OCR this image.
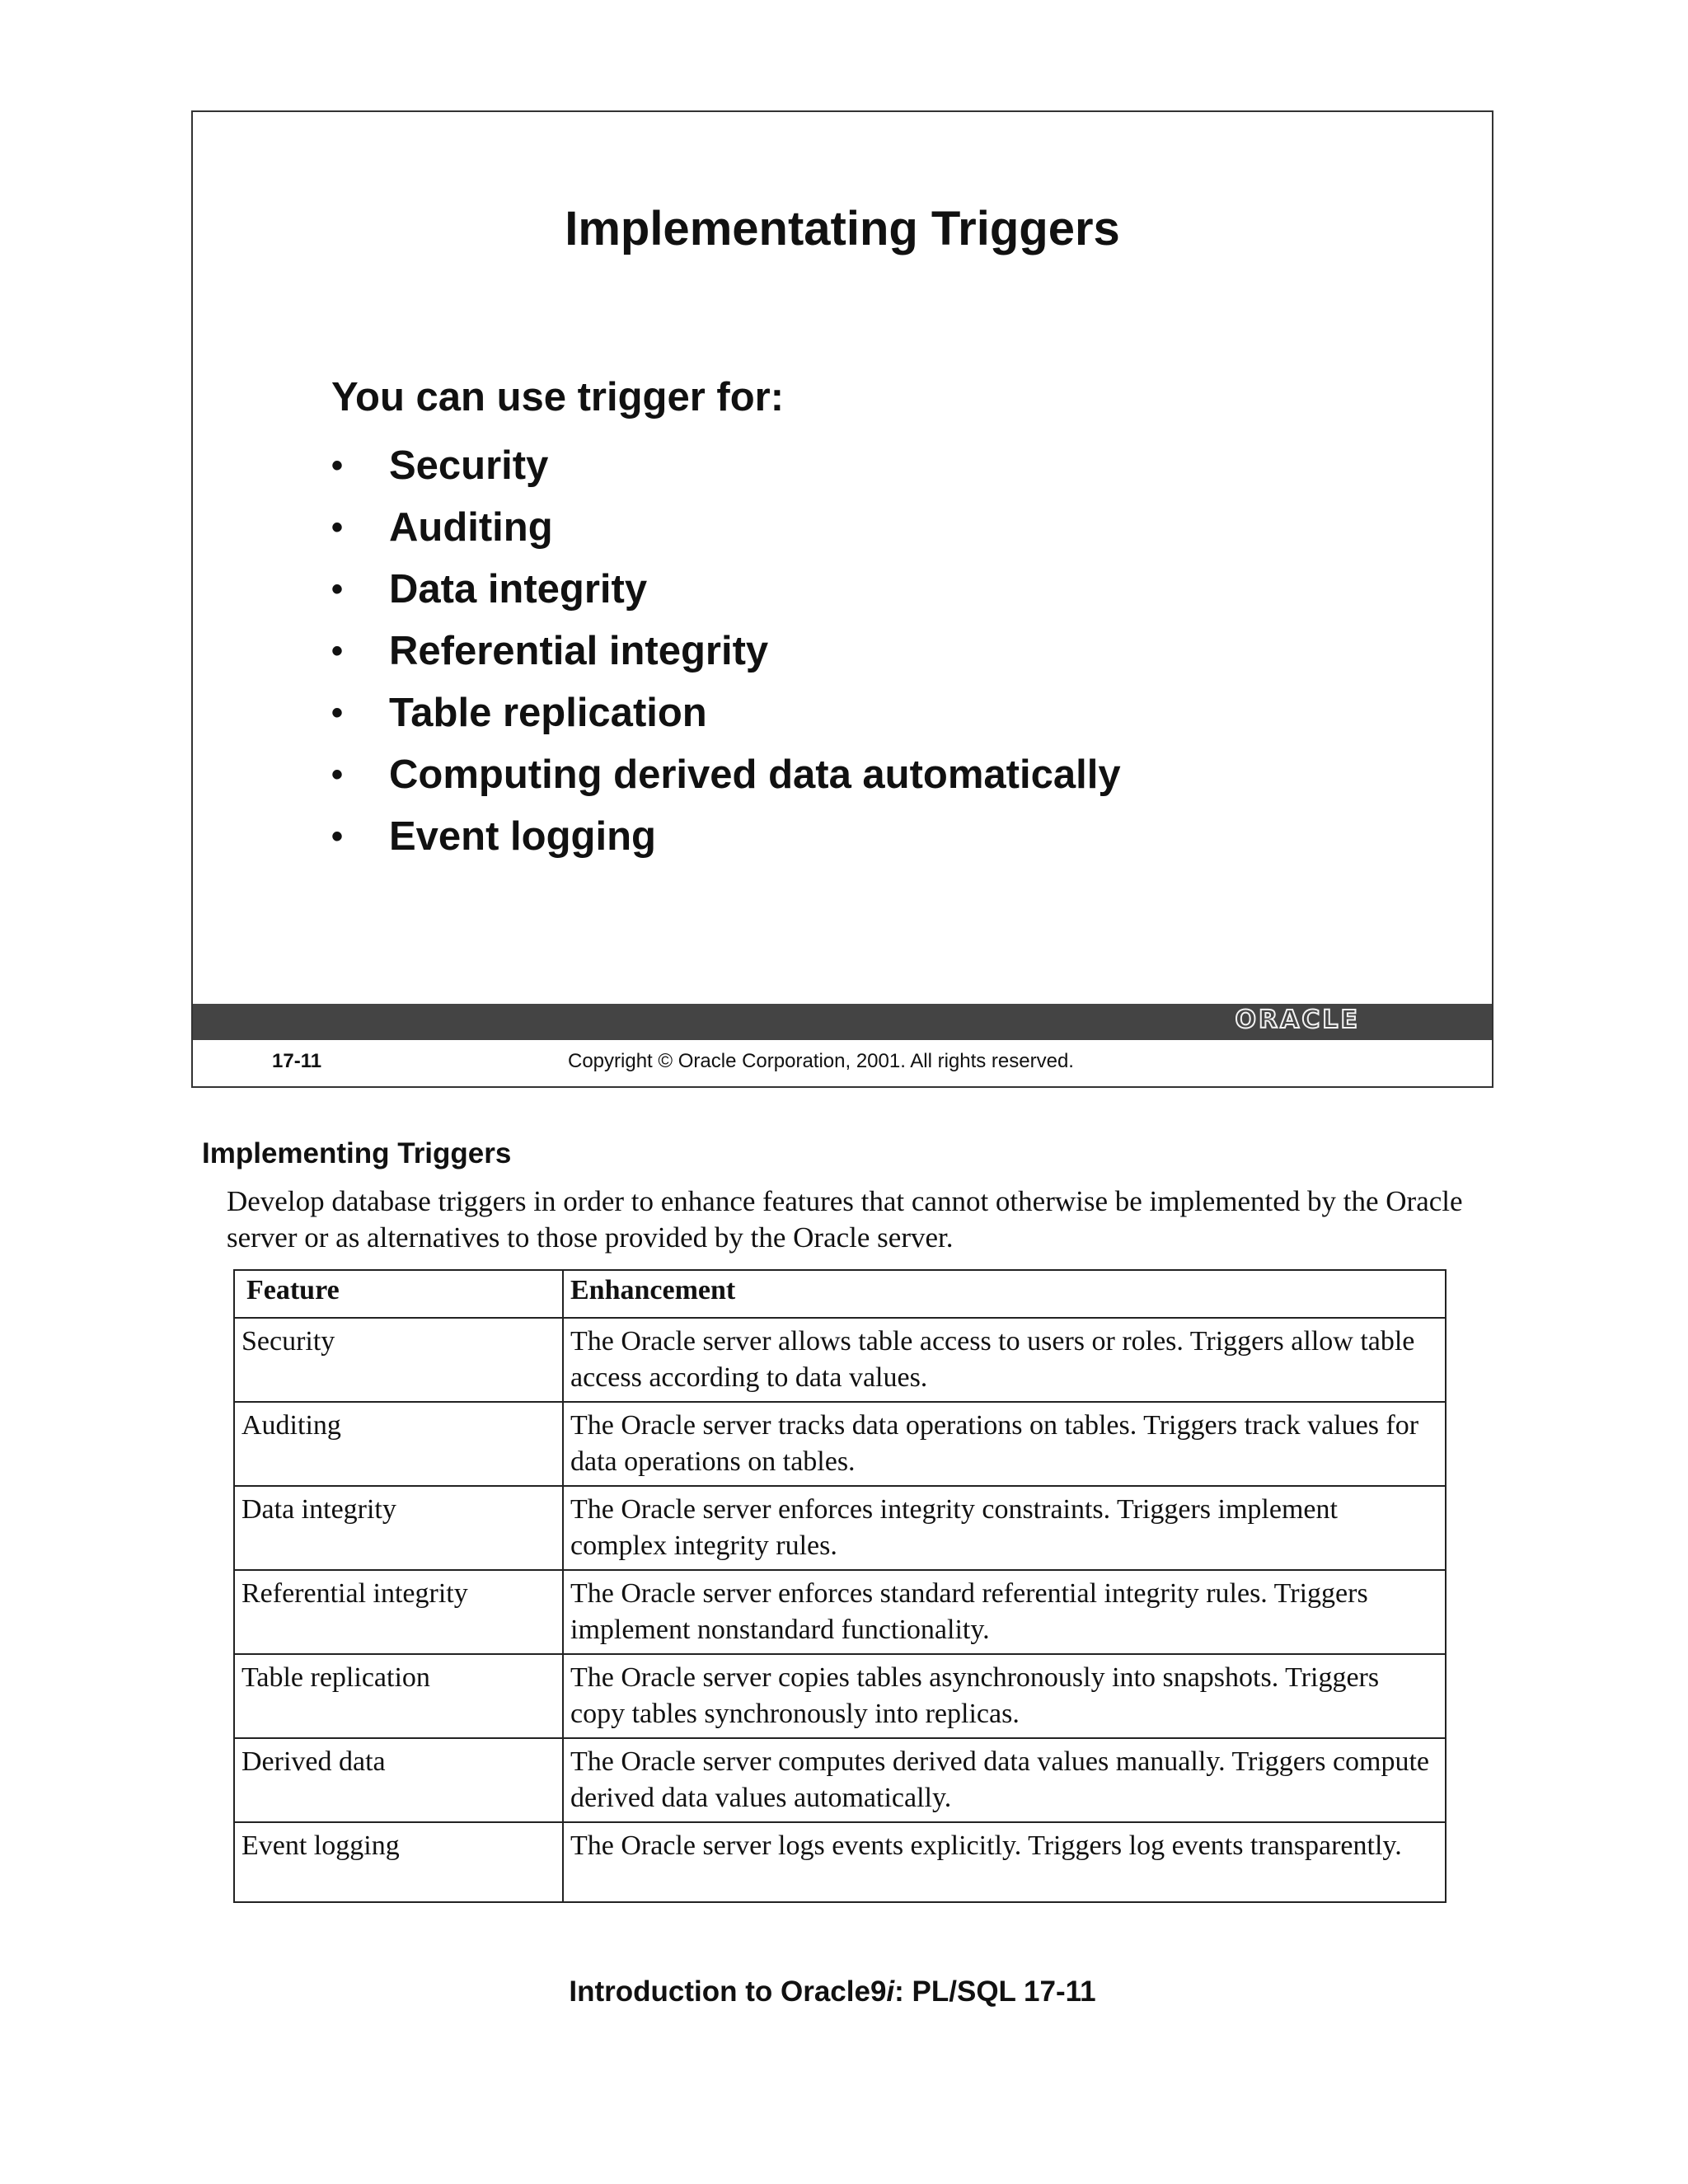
Implementating Triggers

You can use trigger for:

•	Security
•	Auditing
•	Data integrity
•	Referential integrity
•	Table replication
•	Computing derived data automatically
•	Event logging
ORACLE
17-11	Copyright © Oracle Corporation, 2001. All rights reserved.
Implementing Triggers

Develop database triggers in order to enhance features that cannot otherwise be implemented by the Oracle server or as alternatives to those provided by the Oracle server.

Feature	Enhancement
Security	The Oracle server allows table access to users or roles. Triggers allow table access according to data values.
Auditing	The Oracle server tracks data operations on tables. Triggers track values for data operations on tables.
Data integrity	The Oracle server enforces integrity constraints. Triggers implement complex integrity rules.
Referential integrity	The Oracle server enforces standard referential integrity rules. Triggers implement nonstandard functionality.
Table replication	The Oracle server copies tables asynchronously into snapshots. Triggers copy tables synchronously into replicas.
Derived data	The Oracle server computes derived data values manually. Triggers compute derived data values automatically.
Event logging	The Oracle server logs events explicitly. Triggers log events transparently.
Introduction to Oracle9i: PL/SQL 17-11
